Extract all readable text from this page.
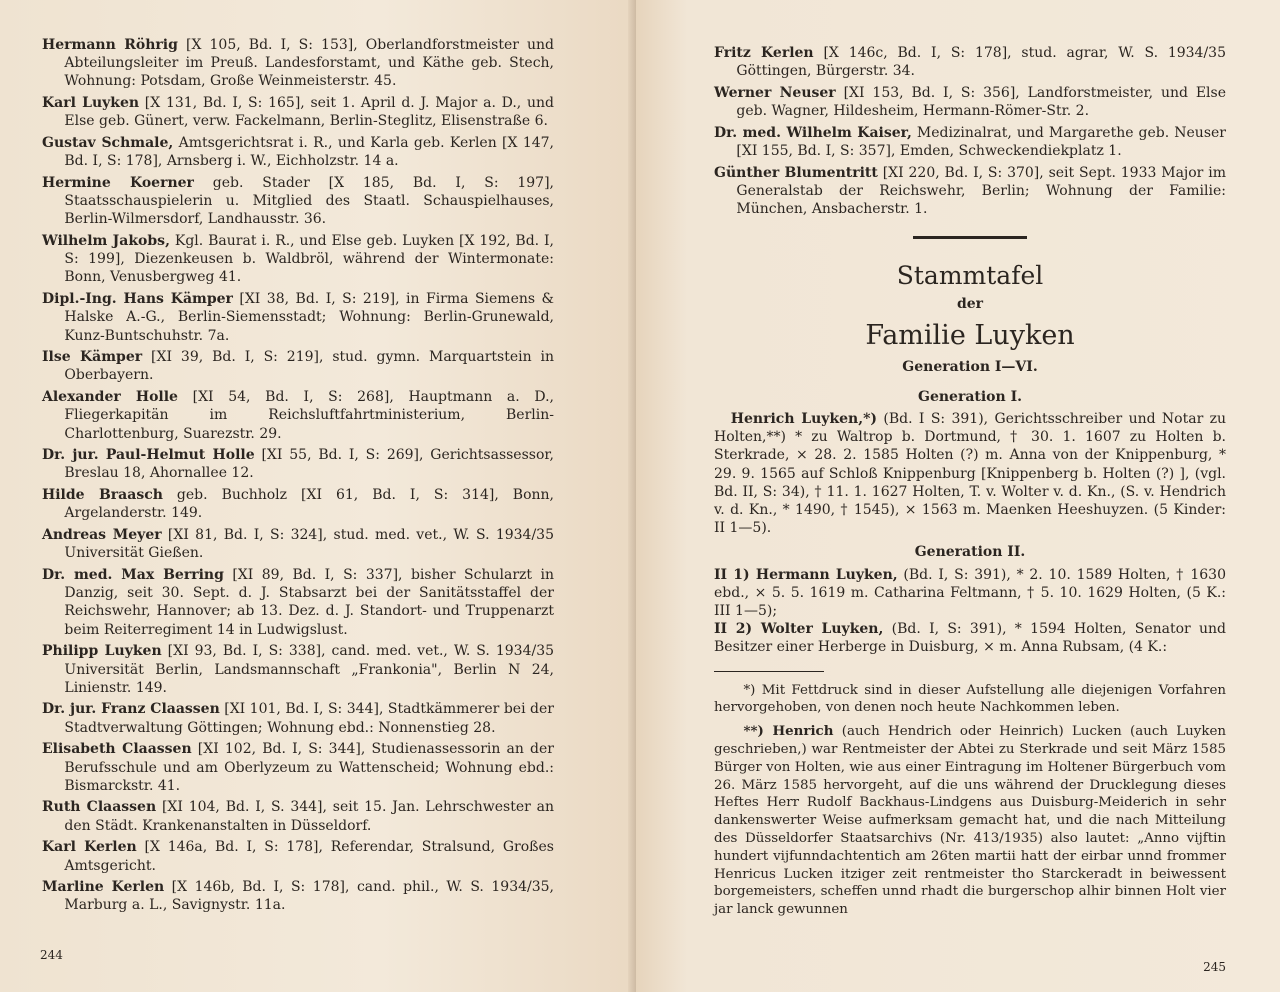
Hermann Röhrig [X 105, Bd. I, S: 153], Oberlandforstmeister und Abteilungsleiter im Preuß. Landesforstamt, und Käthe geb. Stech, Wohnung: Potsdam, Große Weinmeisterstr. 45.

Karl Luyken [X 131, Bd. I, S: 165], seit 1. April d. J. Major a. D., und Else geb. Günert, verw. Fackelmann, Berlin-Steglitz, Elisenstraße 6.

Gustav Schmale, Amtsgerichtsrat i. R., und Karla geb. Kerlen [X 147, Bd. I, S: 178], Arnsberg i. W., Eichholzstr. 14 a.

Hermine Koerner geb. Stader [X 185, Bd. I, S: 197], Staatsschauspielerin u. Mitglied des Staatl. Schauspielhauses, Berlin-Wilmersdorf, Landhausstr. 36.

Wilhelm Jakobs, Kgl. Baurat i. R., und Else geb. Luyken [X 192, Bd. I, S: 199], Diezenkeusen b. Waldbröl, während der Wintermonate: Bonn, Venusbergweg 41.

Dipl.-Ing. Hans Kämper [XI 38, Bd. I, S: 219], in Firma Siemens & Halske A.-G., Berlin-Siemensstadt; Wohnung: Berlin-Grunewald, Kunz-Buntschuhstr. 7a.

Ilse Kämper [XI 39, Bd. I, S: 219], stud. gymn. Marquartstein in Oberbayern.

Alexander Holle [XI 54, Bd. I, S: 268], Hauptmann a. D., Fliegerkapitän im Reichsluftfahrtministerium, Berlin-Charlottenburg, Suarezstr. 29.

Dr. jur. Paul-Helmut Holle [XI 55, Bd. I, S: 269], Gerichtsassessor, Breslau 18, Ahornallee 12.

Hilde Braasch geb. Buchholz [XI 61, Bd. I, S: 314], Bonn, Argelanderstr. 149.

Andreas Meyer [XI 81, Bd. I, S: 324], stud. med. vet., W. S. 1934/35 Universität Gießen.

Dr. med. Max Berring [XI 89, Bd. I, S: 337], bisher Schularzt in Danzig, seit 30. Sept. d. J. Stabsarzt bei der Sanitätsstaffel der Reichswehr, Hannover; ab 13. Dez. d. J. Standort- und Truppenarzt beim Reiterregiment 14 in Ludwigslust.

Philipp Luyken [XI 93, Bd. I, S: 338], cand. med. vet., W. S. 1934/35 Universität Berlin, Landsmannschaft „Frankonia", Berlin N 24, Linienstr. 149.

Dr. jur. Franz Claassen [XI 101, Bd. I, S: 344], Stadtkämmerer bei der Stadtverwaltung Göttingen; Wohnung ebd.: Nonnenstieg 28.

Elisabeth Claassen [XI 102, Bd. I, S: 344], Studienassessorin an der Berufsschule und am Oberlyzeum zu Wattenscheid; Wohnung ebd.: Bismarckstr. 41.

Ruth Claassen [XI 104, Bd. I, S. 344], seit 15. Jan. Lehrschwester an den Städt. Krankenanstalten in Düsseldorf.

Karl Kerlen [X 146a, Bd. I, S: 178], Referendar, Stralsund, Großes Amtsgericht.

Marline Kerlen [X 146b, Bd. I, S: 178], cand. phil., W. S. 1934/35, Marburg a. L., Savignystr. 11a.

244

Fritz Kerlen [X 146c, Bd. I, S: 178], stud. agrar, W. S. 1934/35 Göttingen, Bürgerstr. 34.

Werner Neuser [XI 153, Bd. I, S: 356], Landforstmeister, und Else geb. Wagner, Hildesheim, Hermann-Römer-Str. 2.

Dr. med. Wilhelm Kaiser, Medizinalrat, und Margarethe geb. Neuser [XI 155, Bd. I, S: 357], Emden, Schweckendiekplatz 1.

Günther Blumentritt [XI 220, Bd. I, S: 370], seit Sept. 1933 Major im Generalstab der Reichswehr, Berlin; Wohnung der Familie: München, Ansbacherstr. 1.

Stammtafel

der

Familie Luyken

Generation I—VI.

Generation I.

Henrich Luyken,*) (Bd. I S: 391), Gerichtsschreiber und Notar zu Holten,**) * zu Waltrop b. Dortmund, † 30. 1. 1607 zu Holten b. Sterkrade, × 28. 2. 1585 Holten (?) m. Anna von der Knippenburg, * 29. 9. 1565 auf Schloß Knippenburg [Knippenberg b. Holten (?) ], (vgl. Bd. II, S: 34), † 11. 1. 1627 Holten, T. v. Wolter v. d. Kn., (S. v. Hendrich v. d. Kn., * 1490, † 1545), × 1563 m. Maenken Heeshuyzen. (5 Kinder: II 1—5).

Generation II.

II 1) Hermann Luyken, (Bd. I, S: 391), * 2. 10. 1589 Holten, † 1630 ebd., × 5. 5. 1619 m. Catharina Feltmann, † 5. 10. 1629 Holten, (5 K.: III 1—5);

II 2) Wolter Luyken, (Bd. I, S: 391), * 1594 Holten, Senator und Besitzer einer Herberge in Duisburg, × m. Anna Rubsam, (4 K.:

*) Mit Fettdruck sind in dieser Aufstellung alle diejenigen Vorfahren hervorgehoben, von denen noch heute Nachkommen leben.

**) Henrich (auch Hendrich oder Heinrich) Lucken (auch Luyken geschrieben,) war Rentmeister der Abtei zu Sterkrade und seit März 1585 Bürger von Holten, wie aus einer Eintragung im Holtener Bürgerbuch vom 26. März 1585 hervorgeht, auf die uns während der Drucklegung dieses Heftes Herr Rudolf Backhaus-Lindgens aus Duisburg-Meiderich in sehr dankenswerter Weise aufmerksam gemacht hat, und die nach Mitteilung des Düsseldorfer Staatsarchivs (Nr. 413/1935) also lautet: „Anno vijftin hundert vijfunndachtentich am 26ten martii hatt der eirbar unnd frommer Henricus Lucken itziger zeit rentmeister tho Starckeradt in beiwessent borgemeisters, scheffen unnd rhadt die burgerschop alhir binnen Holt vier jar lanck gewunnen

245
